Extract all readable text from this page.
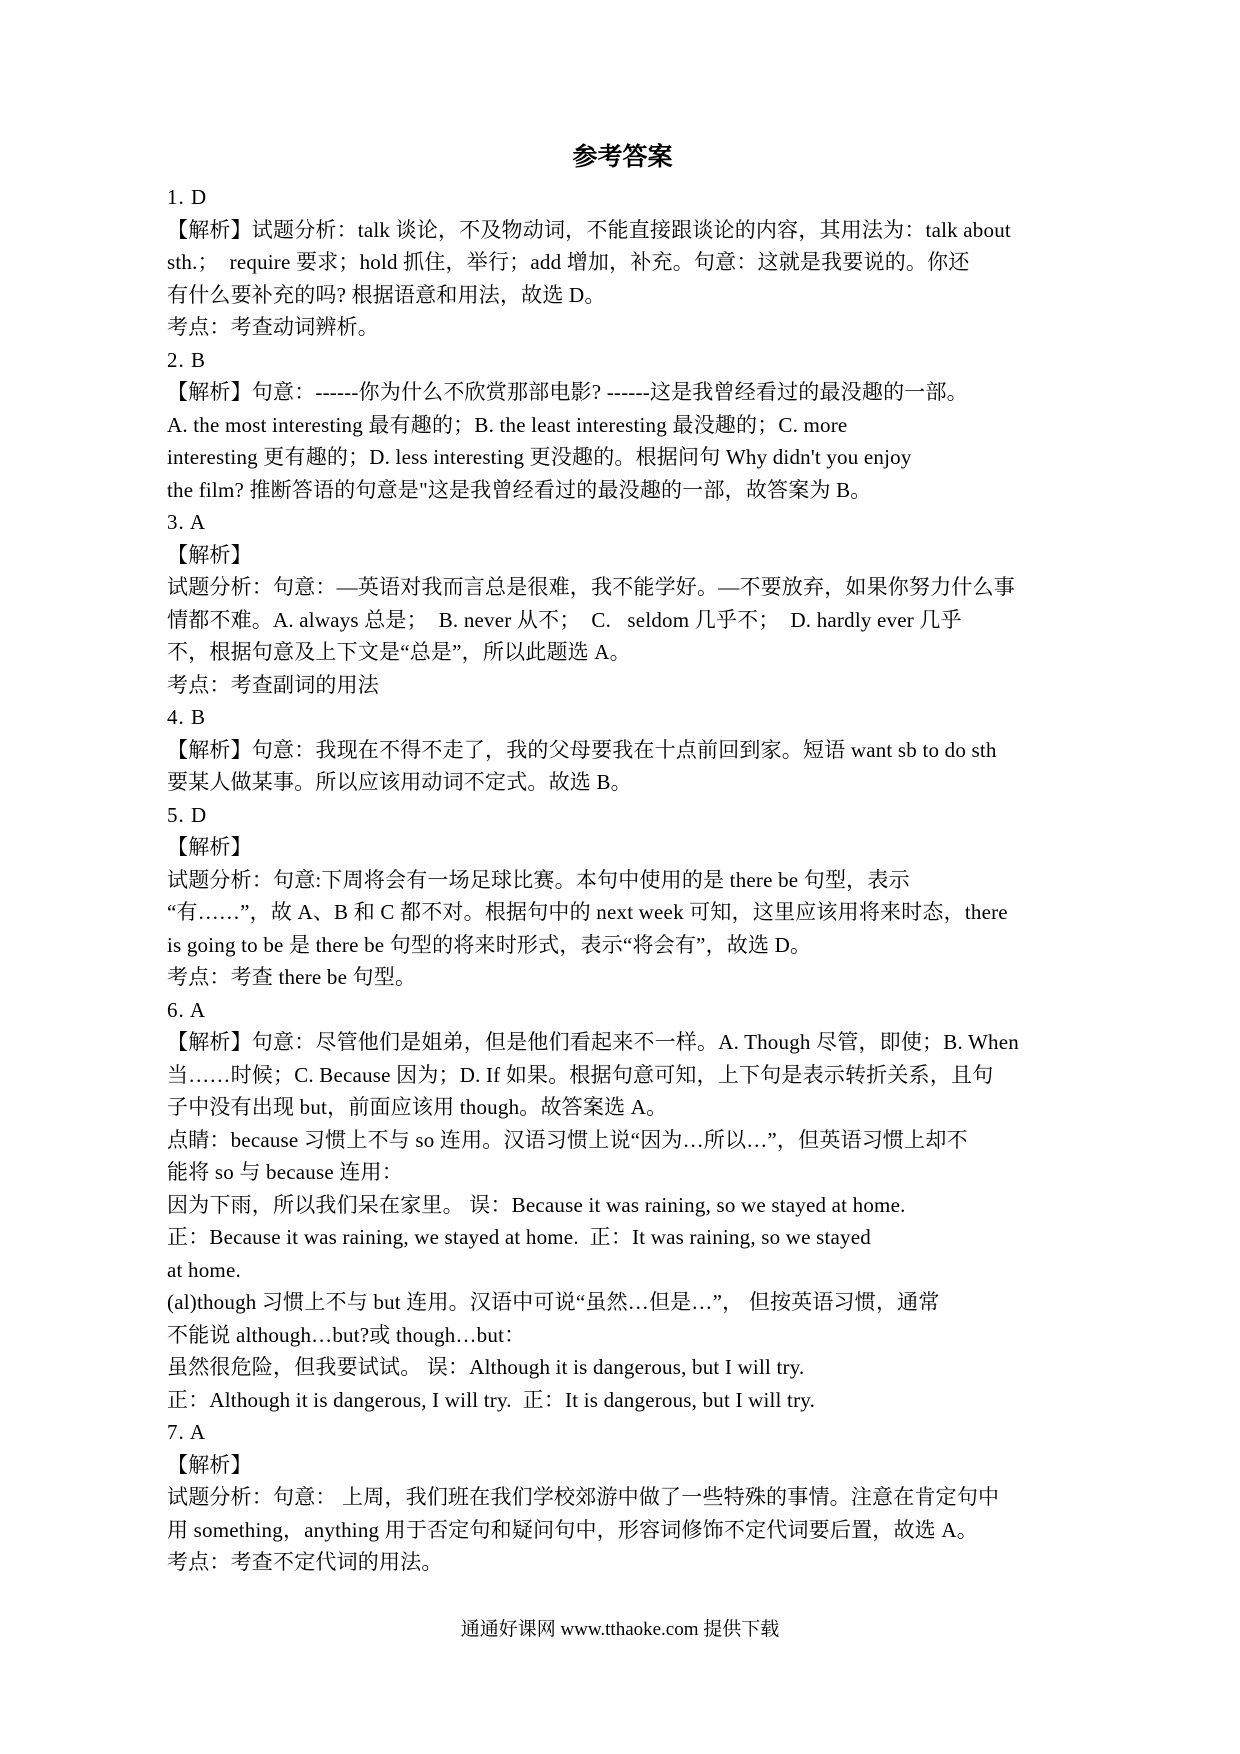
参考答案
1. D
【解析】试题分析：talk 谈论，不及物动词，不能直接跟谈论的内容，其用法为：talk about
sth.；  require 要求；hold 抓住，举行；add 增加，补充。句意：这就是我要说的。你还
有什么要补充的吗? 根据语意和用法，故选 D。
考点：考查动词辨析。
2. B
【解析】句意：------你为什么不欣赏那部电影? ------这是我曾经看过的最没趣的一部。
A. the most interesting 最有趣的；B. the least interesting 最没趣的；C. more
interesting 更有趣的；D. less interesting 更没趣的。根据问句 Why didn't you enjoy
the film? 推断答语的句意是"这是我曾经看过的最没趣的一部，故答案为 B。
3. A
【解析】
试题分析：句意：—英语对我而言总是很难，我不能学好。—不要放弃，如果你努力什么事
情都不难。A. always 总是；  B. never 从不；  C.   seldom 几乎不；  D. hardly ever 几乎
不，根据句意及上下文是“总是”，所以此题选 A。
考点：考查副词的用法
4. B
【解析】句意：我现在不得不走了，我的父母要我在十点前回到家。短语 want sb to do sth
要某人做某事。所以应该用动词不定式。故选 B。
5. D
【解析】
试题分析：句意:下周将会有一场足球比赛。本句中使用的是 there be 句型，表示
“有……”，故 A、B 和 C 都不对。根据句中的 next week 可知，这里应该用将来时态，there
is going to be 是 there be 句型的将来时形式，表示“将会有”，故选 D。
考点：考查 there be 句型。
6. A
【解析】句意：尽管他们是姐弟，但是他们看起来不一样。A. Though 尽管，即使；B. When
当……时候；C. Because 因为；D. If 如果。根据句意可知，上下句是表示转折关系，且句
子中没有出现 but，前面应该用 though。故答案选 A。
点睛：because 习惯上不与 so 连用。汉语习惯上说“因为…所以…”，但英语习惯上却不
能将 so 与 because 连用：
因为下雨，所以我们呆在家里。 误：Because it was raining, so we stayed at home.
正：Because it was raining, we stayed at home.  正：It was raining, so we stayed
at home.
(al)though 习惯上不与 but 连用。汉语中可说“虽然…但是…”， 但按英语习惯，通常
不能说 although…but?或 though…but：
虽然很危险，但我要试试。 误：Although it is dangerous, but I will try.
正：Although it is dangerous, I will try.  正：It is dangerous, but I will try.
7. A
【解析】
试题分析：句意： 上周，我们班在我们学校郊游中做了一些特殊的事情。注意在肯定句中
用 something，anything 用于否定句和疑问句中，形容词修饰不定代词要后置，故选 A。
考点：考查不定代词的用法。
通通好课网 www.tthaoke.com 提供下载
